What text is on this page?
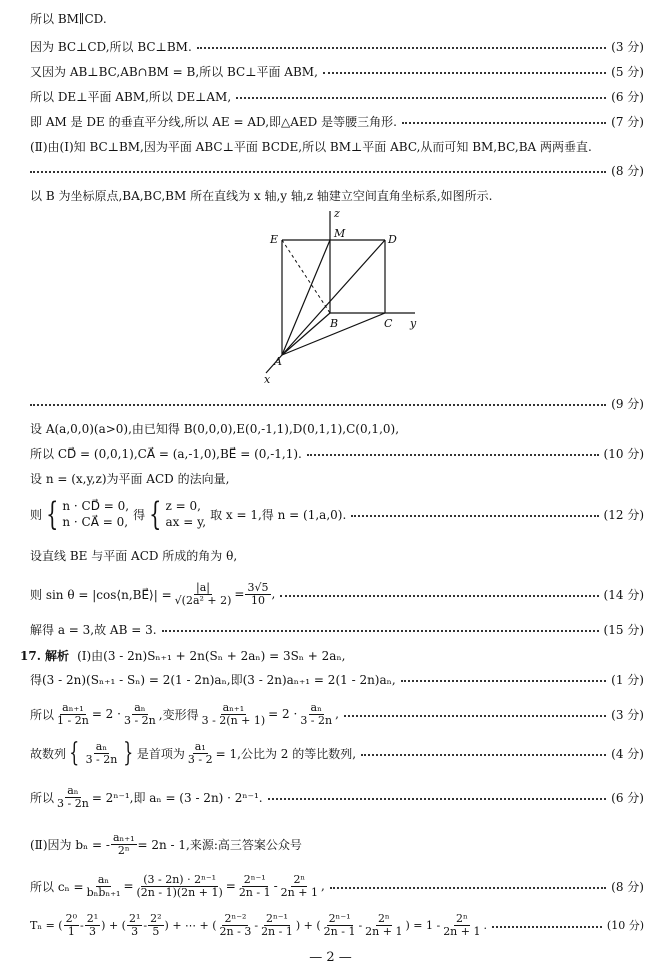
所以 BM∥CD.
因为 BC⊥CD,所以 BC⊥BM.	(3 分)
又因为 AB⊥BC,AB∩BM = B,所以 BC⊥平面 ABM,	(5 分)
所以 DE⊥平面 ABM,所以 DE⊥AM,	(6 分)
即 AM 是 DE 的垂直平分线,所以 AE = AD,即△AED 是等腰三角形.	(7 分)
(Ⅱ)由(Ⅰ)知 BC⊥BM,因为平面 ABC⊥平面 BCDE,所以 BM⊥平面 ABC,从而可知 BM,BC,BA 两两垂直.
(8 分)
以 B 为坐标原点,BA,BC,BM 所在直线为 x 轴,y 轴,z 轴建立空间直角坐标系,如图所示.
E	M	D
z
B	C y
A
x
(9 分)
设 A(a,0,0)(a>0),由已知得 B(0,0,0),E(0,-1,1),D(0,1,1),C(0,1,0),
所以 CD⃗ = (0,0,1),CA⃗ = (a,-1,0),BE⃗ = (0,-1,1).	(10 分)
设 n = (x,y,z)为平面 ACD 的法向量,
则 { n · CD⃗ = 0,
n · CA⃗ = 0,
得 { z = 0,
ax = y,
取 x = 1,得 n = (1,a,0).	(12 分)
设直线 BE 与平面 ACD 所成的角为 θ,
则 sin θ = |cos⟨n,BE⃗⟩| = $\frac{|a|}{\text{√(2a² + 2)}} = \frac{3√5}{10}$ ,	(14 分)
解得 a = 3,故 AB = 3.	(15 分)
17. 解析 (Ⅰ)由(3 - 2n)Sₙ₊₁ + 2n(Sₙ + 2aₙ) = 3Sₙ + 2aₙ,
得(3 - 2n)(Sₙ₊₁ - Sₙ) = 2(1 - 2n)aₙ,即(3 - 2n)aₙ₊₁ = 2(1 - 2n)aₙ,	(1 分)
所以 $\frac{\text{aₙ₊₁}}{1 - 2n} = 2 \cdot \frac{\text{aₙ}}{3 - 2n}$ ,变形得 $\frac{\text{aₙ₊₁}}{3 - 2(n + 1)} = 2 \cdot \frac{\text{aₙ}}{3 - 2n}$ ,	(3 分)
故数列 { $\frac{\text{aₙ}}{3 - 2n}$ } 是首项为 $\frac{\text{a₁}}{3 - 2} = 1$,公比为 2 的等比数列,	(4 分)
所以 $\frac{\text{aₙ}}{3 - 2n} = 2^{n-1}$,即 aₙ = (3 - 2n) · 2ⁿ⁻¹.	(6 分)
(Ⅱ)因为 bₙ = - $\frac{\text{aₙ₊₁}}{\text{2ⁿ}} = 2n - 1$,来源:高三答案公众号
所以 $c_n = \frac{\text{aₙ}}{\text{bₙbₙ₊₁}} = \frac{\text{(3 - 2n) · 2ⁿ⁻¹}}{(2n - 1)(2n + 1)} = \frac{\text{2ⁿ⁻¹}}{2n - 1} - \frac{\text{2ⁿ}}{2n + 1}$ ,	(8 分)
Tₙ = ( $\frac{\text{2⁰}}{1} - \frac{\text{2¹}}{3}$ ) + ( $\frac{\text{2¹}}{3} - \frac{\text{2²}}{5}$ ) + ⋯ + ( $\frac{\text{2ⁿ⁻²}}{2n - 3} - \frac{\text{2ⁿ⁻¹}}{2n - 1}$ ) + ( $\frac{\text{2ⁿ⁻¹}}{2n - 1} - \frac{\text{2ⁿ}}{2n + 1}$ ) = $1 - \frac{\text{2ⁿ}}{2n + 1}$ .	(10 分)
— 2 —
